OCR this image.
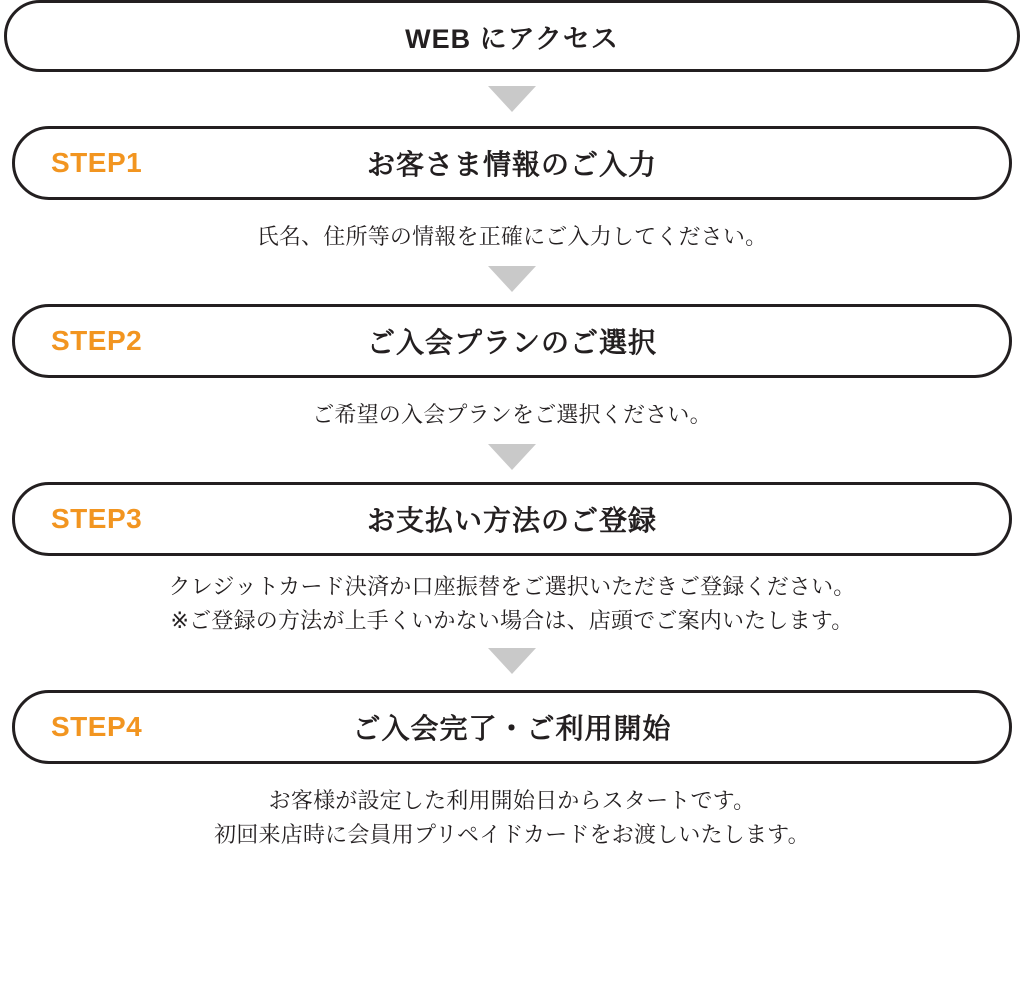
WEB にアクセス
STEP1	お客さま情報のご入力
氏名、住所等の情報を正確にご入力してください。
STEP2	ご入会プランのご選択
ご希望の入会プランをご選択ください。
STEP3	お支払い方法のご登録
クレジットカード決済か口座振替をご選択いただきご登録ください。
※ご登録の方法が上手くいかない場合は、店頭でご案内いたします。
STEP4	ご入会完了・ご利用開始
お客様が設定した利用開始日からスタートです。
初回来店時に会員用プリペイドカードをお渡しいたします。
